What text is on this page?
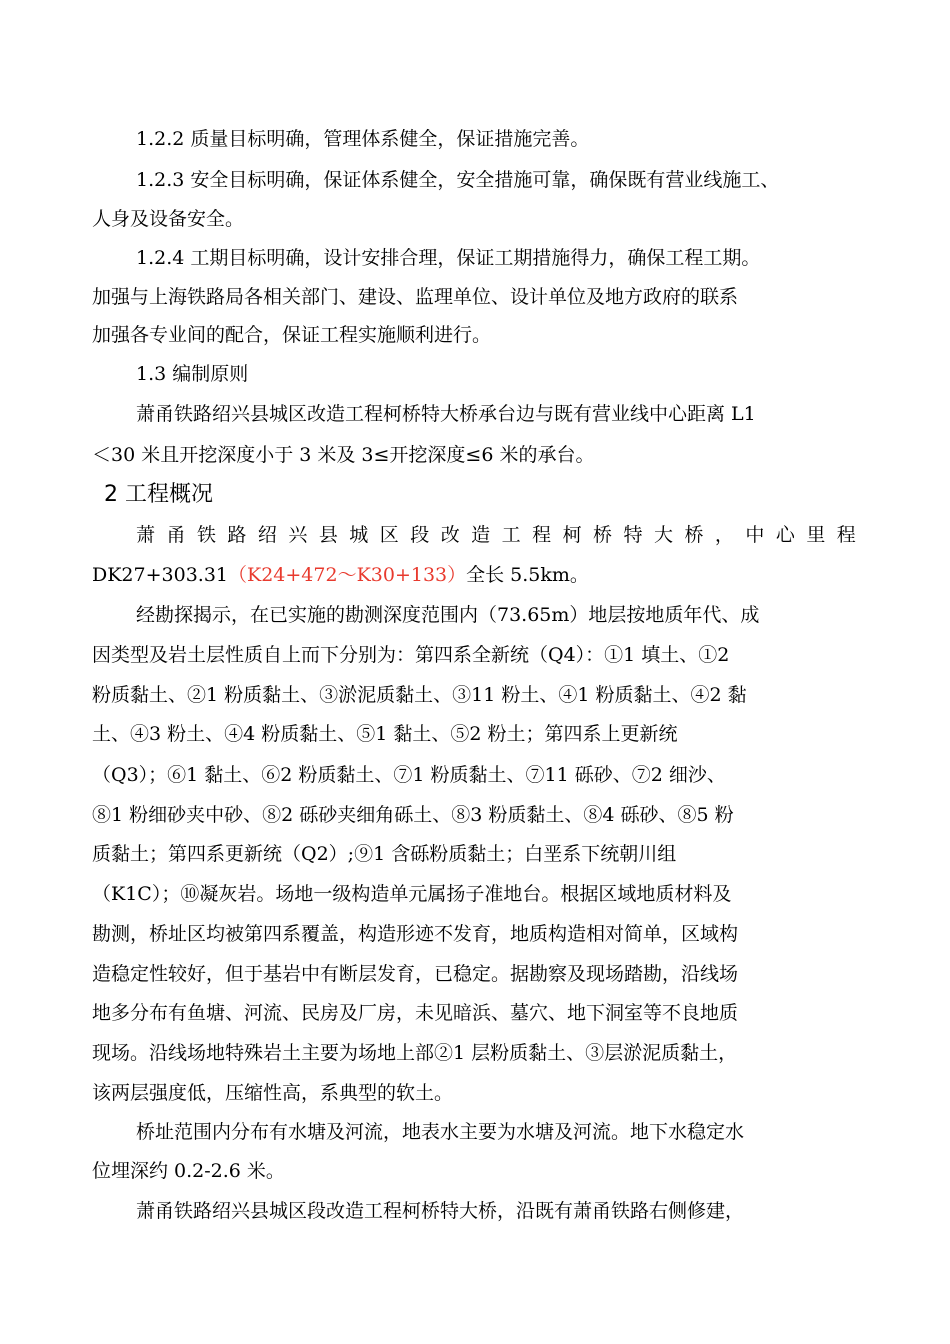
1.2.2 质量目标明确，管理体系健全，保证措施完善。
1.2.3 安全目标明确，保证体系健全，安全措施可靠，确保既有营业线施工、
人身及设备安全。
1.2.4 工期目标明确，设计安排合理，保证工期措施得力，确保工程工期。
加强与上海铁路局各相关部门、建设、监理单位、设计单位及地方政府的联系
加强各专业间的配合，保证工程实施顺利进行。
1.3 编制原则
萧甬铁路绍兴县城区改造工程柯桥特大桥承台边与既有营业线中心距离 L1
＜30 米且开挖深度小于 3 米及 3≤开挖深度≤6 米的承台。
2 工程概况
萧 甬 铁 路 绍 兴 县 城 区 段 改 造 工 程 柯 桥 特 大 桥 ， 中 心 里 程
DK27+303.31（K24+472～K30+133）全长 5.5km。
经勘探揭示，在已实施的勘测深度范围内（73.65m）地层按地质年代、成
因类型及岩土层性质自上而下分别为：第四系全新统（Q4）：①1 填土、①2
粉质黏土、②1 粉质黏土、③淤泥质黏土、③11 粉土、④1 粉质黏土、④2 黏
土、④3 粉土、④4 粉质黏土、⑤1 黏土、⑤2 粉土；第四系上更新统
（Q3）；⑥1 黏土、⑥2 粉质黏土、⑦1 粉质黏土、⑦11 砾砂、⑦2 细沙、
⑧1 粉细砂夹中砂、⑧2 砾砂夹细角砾土、⑧3 粉质黏土、⑧4 砾砂、⑧5 粉
质黏土；第四系更新统（Q2）;⑨1 含砾粉质黏土；白垩系下统朝川组
（K1C）；⑩凝灰岩。场地一级构造单元属扬子准地台。根据区域地质材料及
勘测，桥址区均被第四系覆盖，构造形迹不发育，地质构造相对简单，区域构
造稳定性较好，但于基岩中有断层发育，已稳定。据勘察及现场踏勘，沿线场
地多分布有鱼塘、河流、民房及厂房，未见暗浜、墓穴、地下洞室等不良地质
现场。沿线场地特殊岩土主要为场地上部②1 层粉质黏土、③层淤泥质黏土，
该两层强度低，压缩性高，系典型的软土。
桥址范围内分布有水塘及河流，地表水主要为水塘及河流。地下水稳定水
位埋深约 0.2-2.6 米。
萧甬铁路绍兴县城区段改造工程柯桥特大桥，沿既有萧甬铁路右侧修建，
